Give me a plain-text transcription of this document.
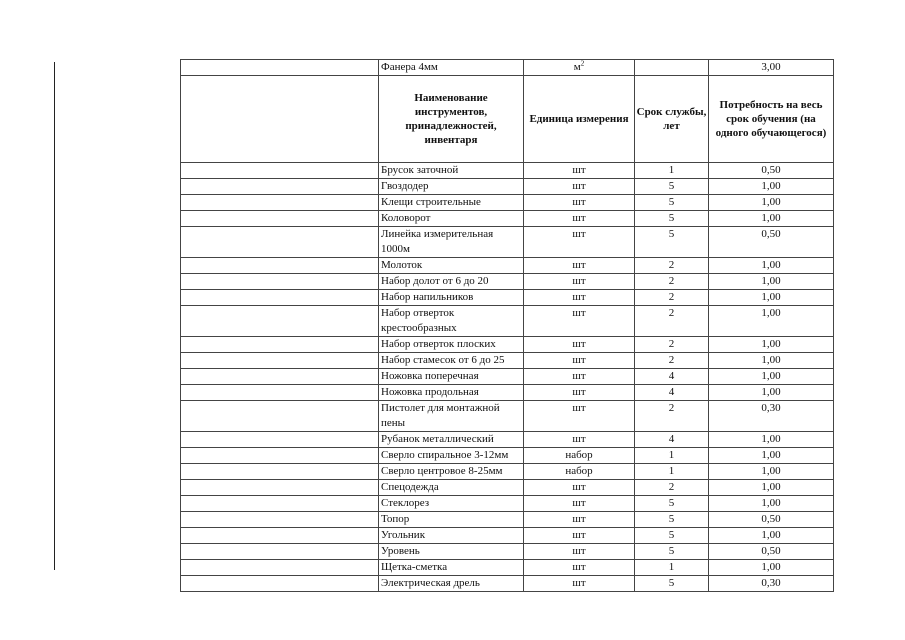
	Фанера 4мм	$м^2$		3,00
	Наименование инструментов, принадлежностей, инвентаря	Единица измерения	Срок службы, лет	Потребность на весь срок обучения (на одного обучающегося)
	Брусок заточной	шт	1	0,50
	Гвоздодер	шт	5	1,00
	Клещи строительные	шт	5	1,00
	Коловорот	шт	5	1,00
	Линейка измерительная 1000м	шт	5	0,50
	Молоток	шт	2	1,00
	Набор долот от 6 до 20	шт	2	1,00
	Набор напильников	шт	2	1,00
	Набор отверток крестообразных	шт	2	1,00
	Набор отверток плоских	шт	2	1,00
	Набор стамесок от 6 до 25	шт	2	1,00
	Ножовка поперечная	шт	4	1,00
	Ножовка продольная	шт	4	1,00
	Пистолет для монтажной пены	шт	2	0,30
	Рубанок металлический	шт	4	1,00
	Сверло спиральное 3-12мм	набор	1	1,00
	Сверло центровое 8-25мм	набор	1	1,00
	Спецодежда	шт	2	1,00
	Стеклорез	шт	5	1,00
	Топор	шт	5	0,50
	Угольник	шт	5	1,00
	Уровень	шт	5	0,50
	Щетка-сметка	шт	1	1,00
	Электрическая дрель	шт	5	0,30
